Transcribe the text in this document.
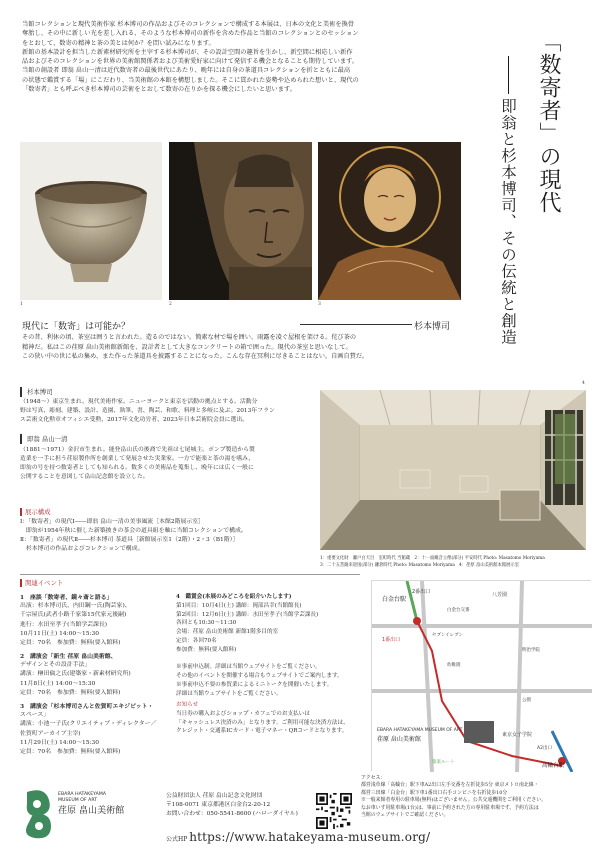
当館コレクションと現代美術作家 杉本博司の作品およびそのコレクションで構成する本展は、日本の文化と美術を換骨

奪胎し、その中に新しい光を差し入れる、そのような杉本博司の新作を含めた作品と当館のコレクションとのセッション

をとおして、数寄の精神と茶の美とは何か？を問い試みになります。

新館の基本設計を担当した新素材研究所を主宰する杉本博司が、その設計空間の趣旨を生かし、新空間に相応しい新作

品およびそのコレクションを世界の美術館関係者および美術愛好家に向けて発信する機会となることも期待しています。

当館の創設者 即翁 畠山一清は近代数寄者の最後世代にあたり、晩年には自身の茶道具コレクションを折とともに最高

の状態で鑑賞する「場」にこだわり、当美術館の本館を構想しました。そこに貫かれた姿勢や込められた想いと、現代の

「数寄者」とも呼ぶべき杉本博司の芸術をとおして数寄の在りかを探る機会にしたいと思います。	「数寄者」の現代
即翁と杉本博司、その伝統と創造
1	2	3
現代に「数寄」は可能か？	杉本博司

その昔、利休の頃、茶室は囲うと言われた。造るのではない。簡素な材で場を囲い、雨露を凌ぐ屋根を架ける。侘び茶の

精神だ。私はこの荏原 畠山美術館新館を、設計者として大きなコンクリートの箱で囲った。現代の茶室と思いなして。

この狭い中の世に私の集め、また作った茶道具を披露することになった。こんな存在冥利に尽きることはない。自画自賛だ。

杉本博司

（1948～）東京生まれ。現代美術作家。ニューヨークと東京を活動の拠点とする。活動分

野は写真、彫刻、建築、設計、造園、執筆、書、陶芸、和歌、料理と多岐に及ぶ。2013年フラン

ス芸術文化勲章オフィシエ受勲、2017年文化功労者、2023年日本芸術院会員に選出。

即翁 畠山一清

（1881～1971）金沢市生まれ。能登畠山氏の後裔で先祖は七尾城主。ポンプ製造から製

造業を一手に担う荏原製作所を創業して発展させた実業家。一方で能楽と茶の湯を嗜み、

即翁の号を持つ数寄者としても知られる。数多くの美術品を蒐集し、晩年には広く一般に

公開することを意図して畠山記念館を設立した。

4

1：重要文化財　瀬戸白天目　室町時代 当館蔵　2：十一面観音立像(部分) 平安時代 Photo: Masatomo Moriyama

3：二十五菩薩来迎図(部分) 鎌倉時代 Photo: Masatomo Moriyama　4：荏原 畠山美術館本館展示室

展示構成

Ⅰ：「数寄者」の現代Ⅰ――即翁 畠山一清の美事風流［本館2階展示室］

　即翁が1954年秋に催した新築披きの茶会の道具組を軸に当館コレクションで構成。

Ⅱ：「数寄者」の現代Ⅱ――杉本博司 茶道具［新館展示室1（2階）・2・3（B1階）］

　杉本博司の作品およびコレクションで構成。

関連イベント

1　座談「数寄者、鏡々斎と語る」

出演：杉本博司氏、内田鋼一氏(陶芸家)、

千宗屋氏(武者小路千家第15代家元後嗣)

進行：水田至孝子(当館学芸課長)

10月11日(土) 14:00～15:30

定員：70名　参加費：無料(要入館料)

2　講演会「新生 荏原 畠山美術館、

デザインとその設計手法」

講演：榊田倫之氏(建築家・新素材研究所)

11月8日(土) 14:00～15:30

定員：70名　参加費：無料(要入館料)

3　講演会「杉本博司さんと佐賀町エキジビット・

スペース」

講演：小池一子氏(クリエイティブ・ディレクター／

佐賀町アーカイブ主宰)

11月29日(土) 14:00～15:30

定員：70名　参加費：無料(要入館料)

4　鑑賞会(本展のみどころを紹介いたします)

第1回目：10月4日(土) 講師：岡部昌幸(当館館長)

第2回目：12月6日(土) 講師：水田至孝子(当館学芸課長)

各回とも10:30～11:30

会場：荏原 畠山美術館 新館1階多目的室

定員：各回70名

参加費：無料(要入館料)

※事前申込制。詳細は当館ウェブサイトをご覧ください。

その他のイベントを開催する場合もウェブサイトでご案内します。

※事前申込不要の参賀業によるミニトークを開催いたします。

詳細は当館ウェブサイトをご覧ください。

お知らせ

当日券の購入およびショップ・カフェでのお支払いは

「キャッシュレス決済のみ」となります。ご利用可能な決済方法は、

クレジット・交通系ICカード・電子マネー・QRコードとなります。

2番出口
白金台駅
八芳園
白金台交番
セブンイレブン
1番出口
明治学院
幼稚園
公園
東京女子学院
EBARA HATAKEYAMA MUSEUM OF ART
荏原 畠山美術館
A2出口
高輪台駅
猿楽ルート

アクセス：

都営浅草線「高輪台」駅下車A2出口左手交番を左折徒歩5分 東京メトロ南北線・

都営三田線「白金台」駅下車1番出口右手コンビニを右折徒歩10分

※一般来館者専用の駐車場(無料)はございません。公共交通機関をご利用ください。

なお車いす用駐車場(1台)は、事前に予約された方の専用駐車場です。予約方法は

当館のウェブサイトでご確認ください。

EBARA HATAKEYAMA

MUSEUM OF ART

荏原 畠山美術館

公益財団法人 荏原 畠山記念文化財団

〒108-0071 東京都港区白金台2-20-12

お問い合わせ：050-5541-8600 (ハローダイヤル)

公式HP https://www.hatakeyama-museum.org/
